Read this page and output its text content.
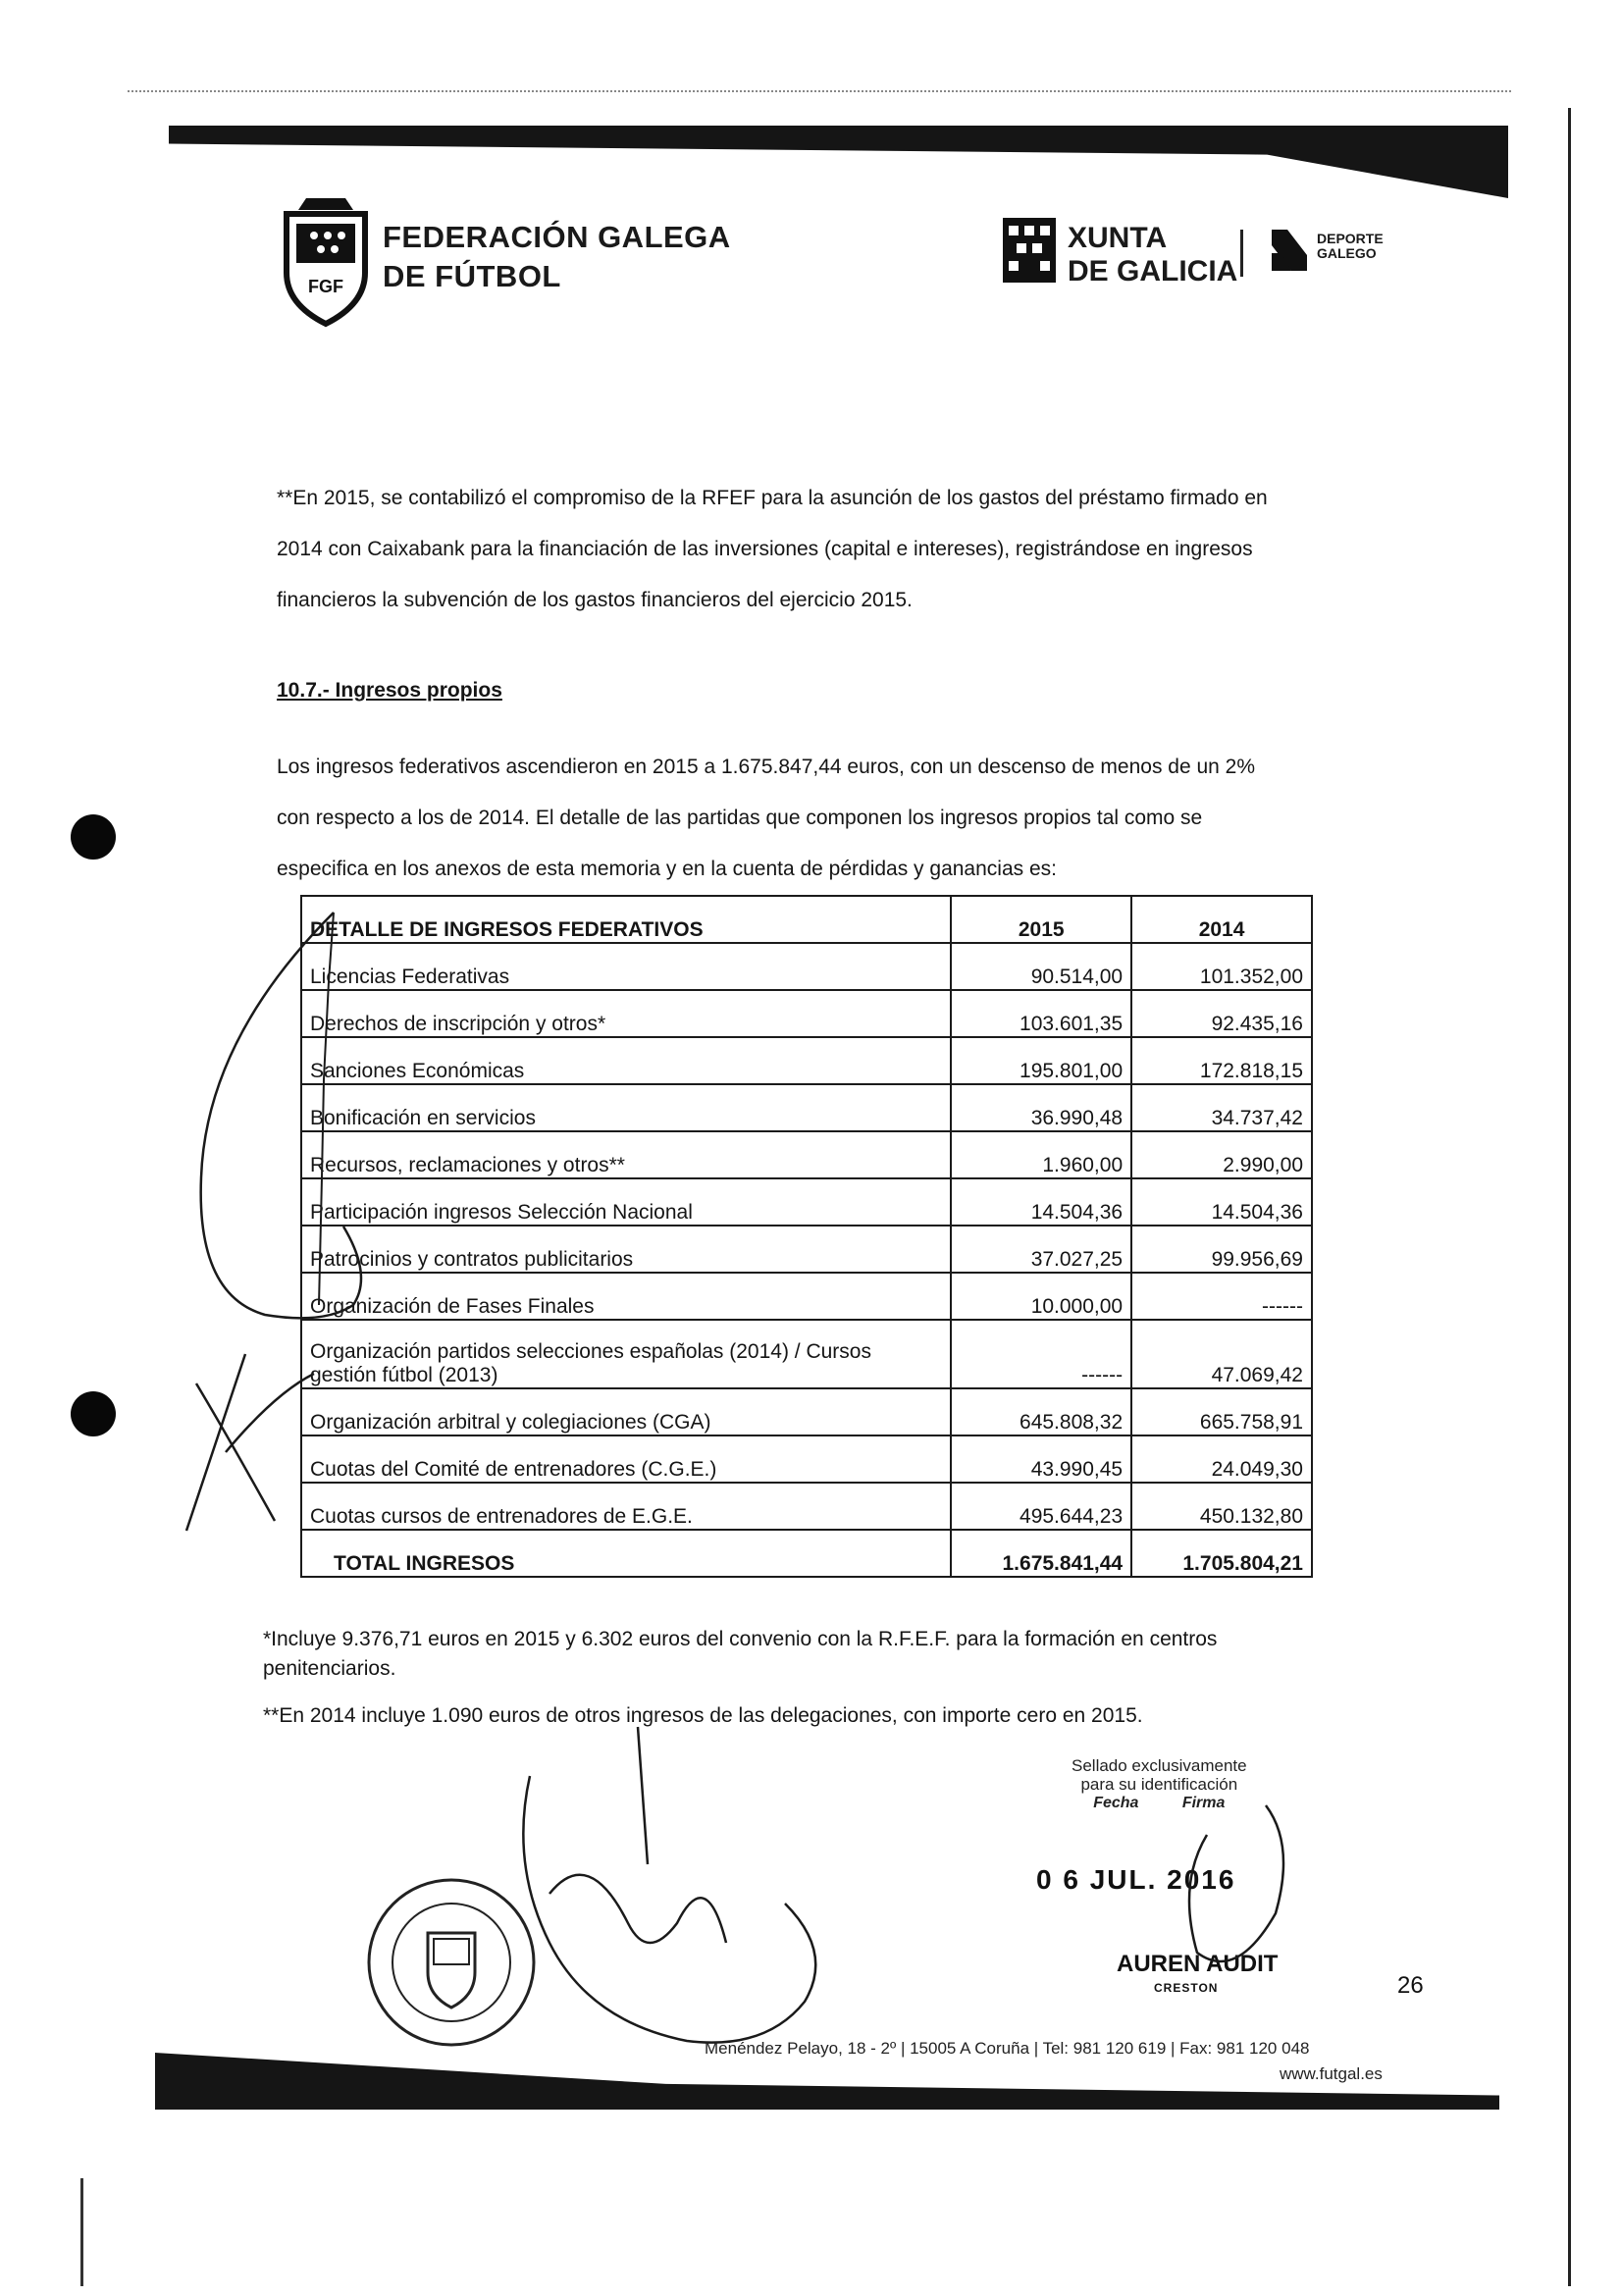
FGF
FEDERACIÓN GALEGA
DE FÚTBOL
XUNTA
DE GALICIA
DEPORTE
GALEGO
**En 2015, se contabilizó el compromiso de la RFEF para la asunción de los gastos del préstamo firmado en
2014 con Caixabank para la financiación de las inversiones (capital e intereses), registrándose en ingresos
financieros la subvención de los gastos financieros del ejercicio 2015.
10.7.- Ingresos propios
Los ingresos federativos ascendieron en 2015 a 1.675.847,44 euros, con un descenso de menos de un 2%
con respecto a los de 2014. El detalle de las partidas que componen los ingresos propios tal como se
especifica en los anexos de esta memoria y en la cuenta de pérdidas y ganancias es:
DETALLE DE INGRESOS FEDERATIVOS	2015	2014
Licencias Federativas	90.514,00	101.352,00
Derechos de inscripción y otros*	103.601,35	92.435,16
Sanciones Económicas	195.801,00	172.818,15
Bonificación en servicios	36.990,48	34.737,42
Recursos, reclamaciones y otros**	1.960,00	2.990,00
Participación ingresos Selección Nacional	14.504,36	14.504,36
Patrocinios y contratos publicitarios	37.027,25	99.956,69
Organización de Fases Finales	10.000,00	------
Organización partidos selecciones españolas (2014) / Cursos gestión fútbol (2013)	------	47.069,42
Organización arbitral y colegiaciones (CGA)	645.808,32	665.758,91
Cuotas del Comité de entrenadores (C.G.E.)	43.990,45	24.049,30
Cuotas cursos de entrenadores de E.G.E.	495.644,23	450.132,80
TOTAL INGRESOS	1.675.841,44	1.705.804,21
*Incluye 9.376,71 euros en 2015 y 6.302 euros del convenio con la R.F.E.F. para la formación en centros
penitenciarios.
**En 2014 incluye 1.090 euros de otros ingresos de las delegaciones, con importe cero en 2015.
Sellado exclusivamente
para su identificación
Fecha	Firma
0 6 JUL. 2016
AUREN AUDIT
CRESTON	26
Menéndez Pelayo, 18 - 2º | 15005 A Coruña | Tel: 981 120 619 | Fax: 981 120 048
www.futgal.es
